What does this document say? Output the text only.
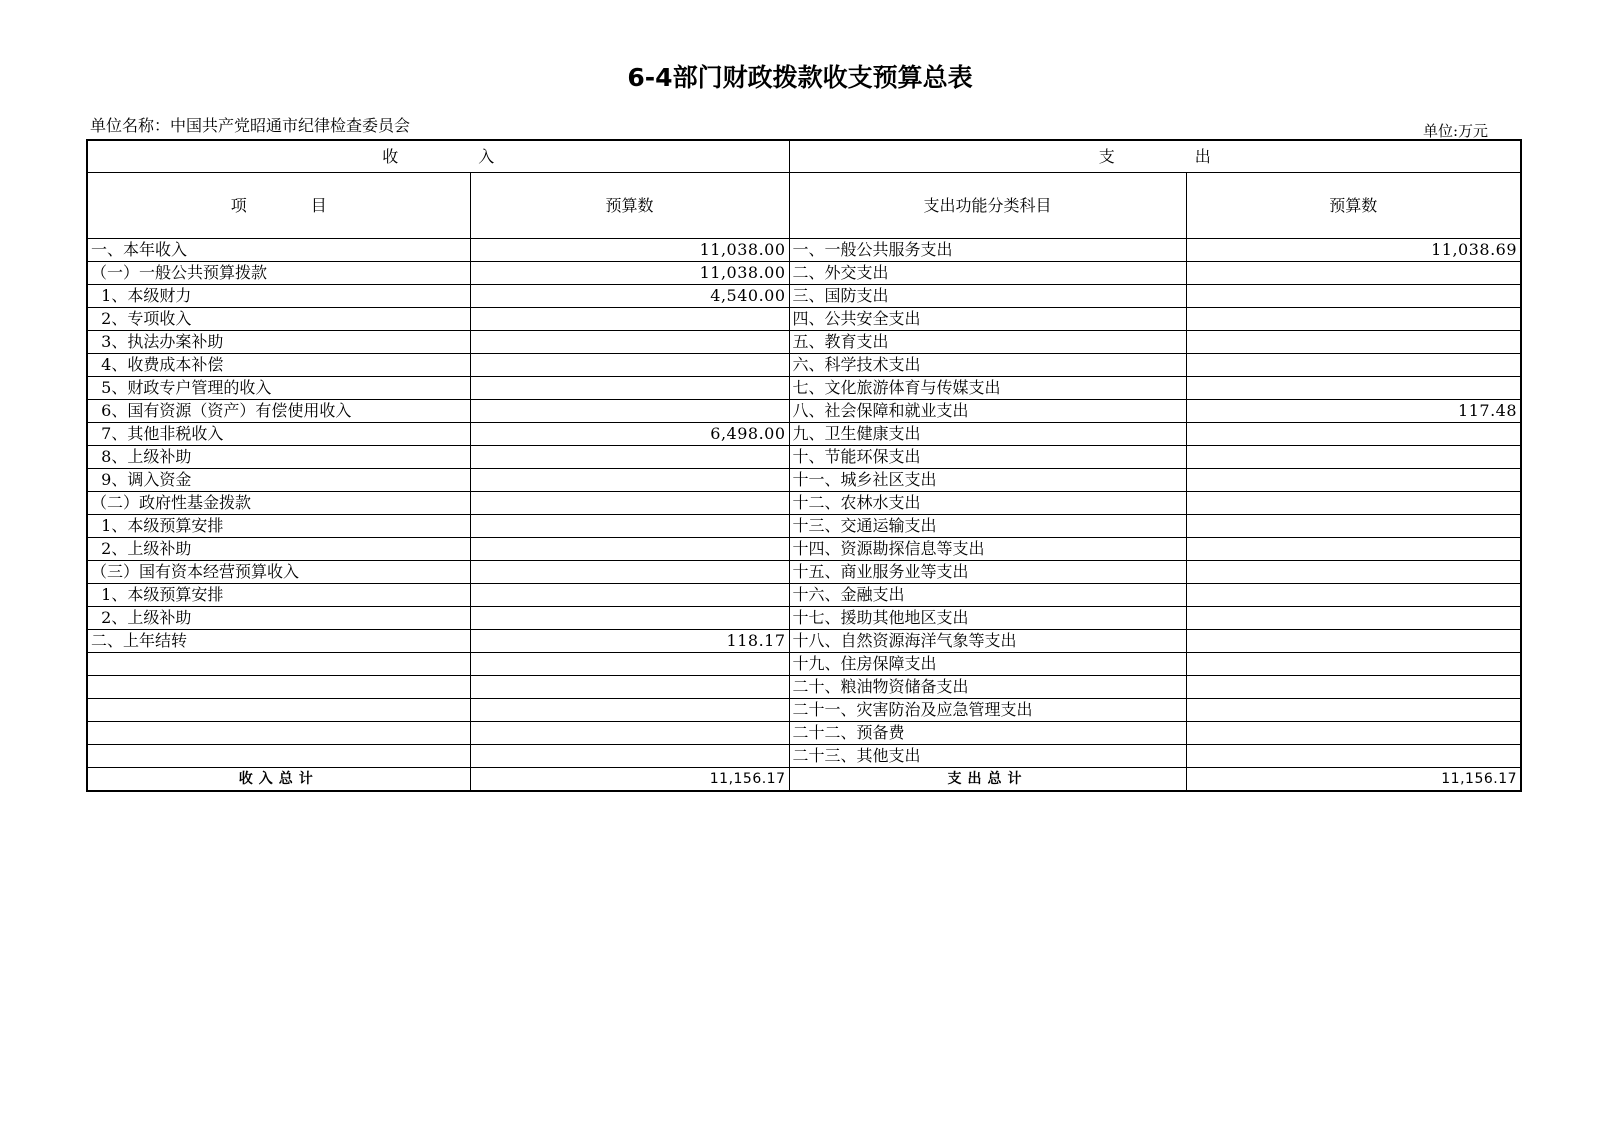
6-4部门财政拨款收支预算总表
单位名称：中国共产党昭通市纪律检查委员会	单位:万元
收　　　　　入		支　　　　　出	
项　　　　目	预算数	支出功能分类科目	预算数
一、本年收入	11,038.00	一、一般公共服务支出	11,038.69
（一）一般公共预算拨款	11,038.00	二、外交支出	
1、本级财力	4,540.00	三、国防支出	
2、专项收入		四、公共安全支出	
3、执法办案补助		五、教育支出	
4、收费成本补偿		六、科学技术支出	
5、财政专户管理的收入		七、文化旅游体育与传媒支出	
6、国有资源（资产）有偿使用收入		八、社会保障和就业支出	117.48
7、其他非税收入	6,498.00	九、卫生健康支出	
8、上级补助		十、节能环保支出	
9、调入资金		十一、城乡社区支出	
（二）政府性基金拨款		十二、农林水支出	
1、本级预算安排		十三、交通运输支出	
2、上级补助		十四、资源勘探信息等支出	
（三）国有资本经营预算收入		十五、商业服务业等支出	
1、本级预算安排		十六、金融支出	
2、上级补助		十七、援助其他地区支出	
二、上年结转	118.17	十八、自然资源海洋气象等支出	
		十九、住房保障支出	
		二十、粮油物资储备支出	
		二十一、灾害防治及应急管理支出	
		二十二、预备费	
		二十三、其他支出	
收入总计	11,156.17	支出总计	11,156.17
